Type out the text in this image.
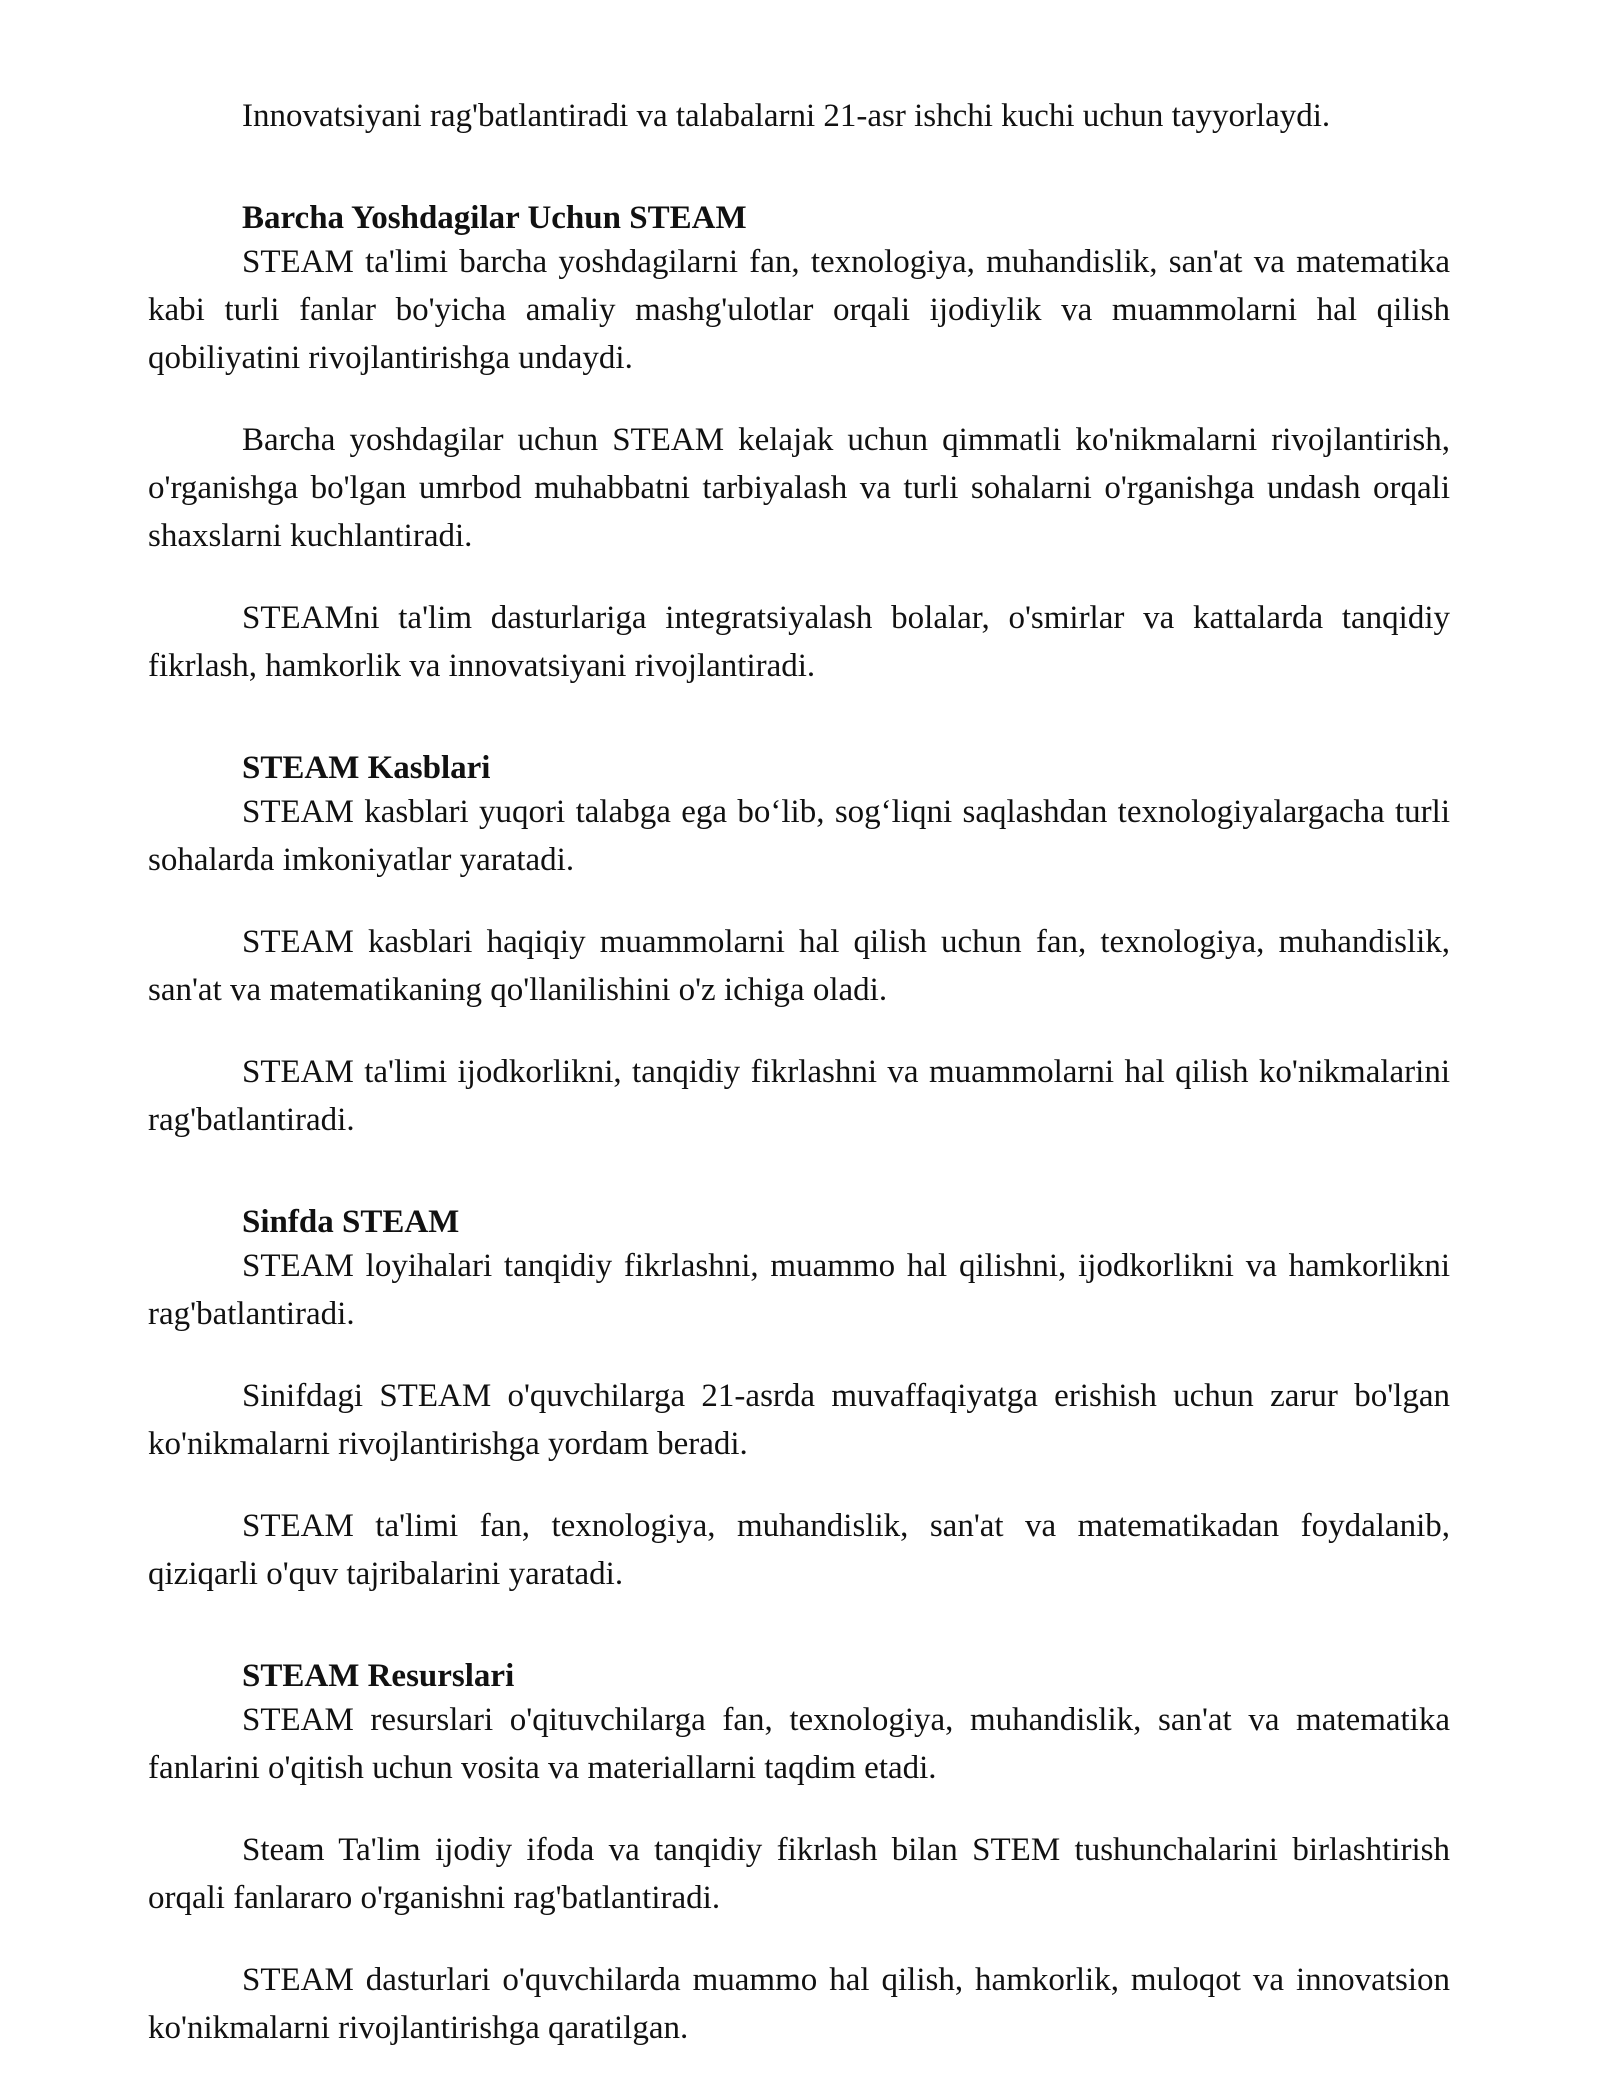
Innovatsiyani rag'batlantiradi va talabalarni 21-asr ishchi kuchi uchun tayyorlaydi.

Barcha Yoshdagilar Uchun STEAM

STEAM ta'limi barcha yoshdagilarni fan, texnologiya, muhandislik, san'at va matematika kabi turli fanlar bo'yicha amaliy mashg'ulotlar orqali ijodiylik va muammolarni hal qilish qobiliyatini rivojlantirishga undaydi.

Barcha yoshdagilar uchun STEAM kelajak uchun qimmatli ko'nikmalarni rivojlantirish, o'rganishga bo'lgan umrbod muhabbatni tarbiyalash va turli sohalarni o'rganishga undash orqali shaxslarni kuchlantiradi.

STEAMni ta'lim dasturlariga integratsiyalash bolalar, o'smirlar va kattalarda tanqidiy fikrlash, hamkorlik va innovatsiyani rivojlantiradi.

STEAM Kasblari

STEAM kasblari yuqori talabga ega bo‘lib, sog‘liqni saqlashdan texnologiyalargacha turli sohalarda imkoniyatlar yaratadi.

STEAM kasblari haqiqiy muammolarni hal qilish uchun fan, texnologiya, muhandislik, san'at va matematikaning qo'llanilishini o'z ichiga oladi.

STEAM ta'limi ijodkorlikni, tanqidiy fikrlashni va muammolarni hal qilish ko'nikmalarini rag'batlantiradi.

Sinfda STEAM

STEAM loyihalari tanqidiy fikrlashni, muammo hal qilishni, ijodkorlikni va hamkorlikni rag'batlantiradi.

Sinifdagi STEAM o'quvchilarga 21-asrda muvaffaqiyatga erishish uchun zarur bo'lgan ko'nikmalarni rivojlantirishga yordam beradi.

STEAM ta'limi fan, texnologiya, muhandislik, san'at va matematikadan foydalanib, qiziqarli o'quv tajribalarini yaratadi.

STEAM Resurslari

STEAM resurslari o'qituvchilarga fan, texnologiya, muhandislik, san'at va matematika fanlarini o'qitish uchun vosita va materiallarni taqdim etadi.

Steam Ta'lim ijodiy ifoda va tanqidiy fikrlash bilan STEM tushunchalarini birlashtirish orqali fanlararo o'rganishni rag'batlantiradi.

STEAM dasturlari o'quvchilarda muammo hal qilish, hamkorlik, muloqot va innovatsion ko'nikmalarni rivojlantirishga qaratilgan.
